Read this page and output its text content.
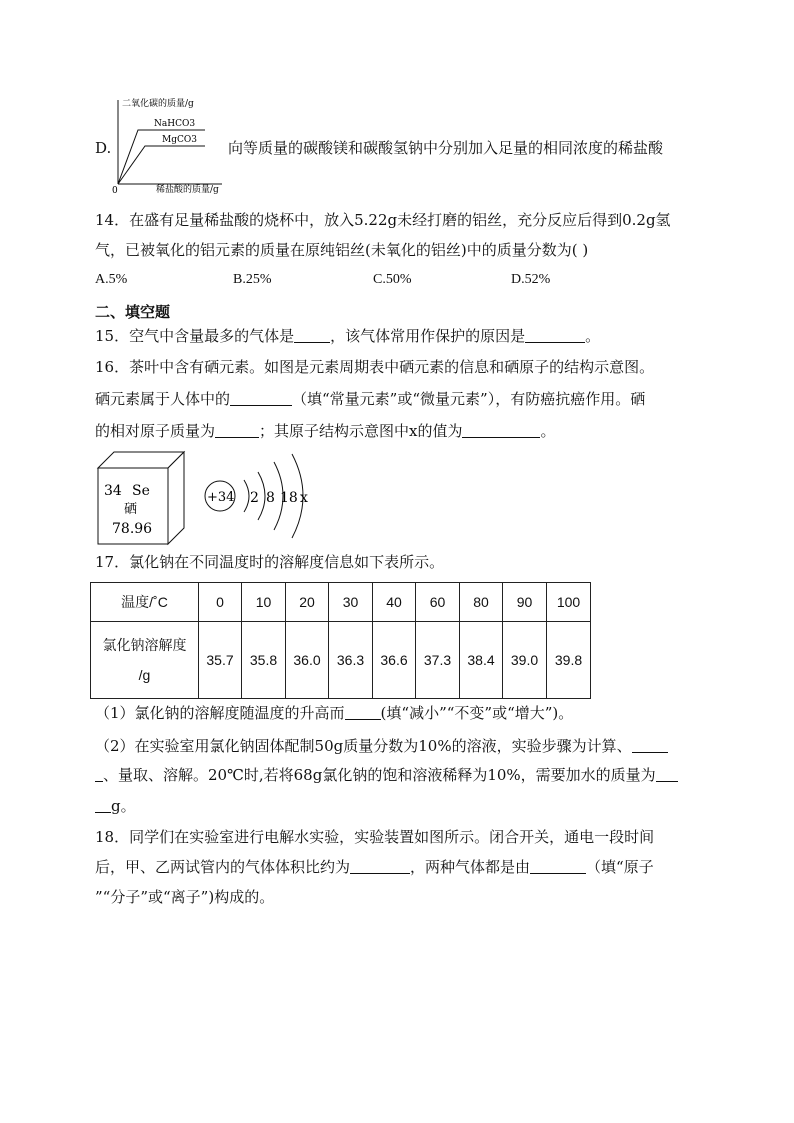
二氧化碳的质量/g
稀盐酸的质量/g
0
NaHCO3
MgCO3
D.	向等质量的碳酸镁和碳酸氢钠中分别加入足量的相同浓度的稀盐酸
14．在盛有足量稀盐酸的烧杯中，放入5.22g未经打磨的铝丝，充分反应后得到0.2g氢
气，已被氧化的铝元素的质量在原纯铝丝(未氧化的铝丝)中的质量分数为( )
A.5%	B.25%	C.50%	D.52%
二、填空题
15．空气中含量最多的气体是 ，该气体常用作保护的原因是	。
16．茶叶中含有硒元素。如图是元素周期表中硒元素的信息和硒原子的结构示意图。
硒元素属于人体中的	（填“常量元素”或“微量元素”），有防癌抗癌作用。硒
的相对原子质量为	；其原子结构示意图中x的值为	。
34 Se
硒
78.96
+34 2 8 18 x
17．氯化钠在不同温度时的溶解度信息如下表所示。
温度/˚C	0	10	20	30	40	60	80	90	100
氯化钠溶解度
/g	35.7	35.8	36.0	36.3	36.6	37.3	38.4	39.0	39.8
（1）氯化钠的溶解度随温度的升高而 (填“减小”“不变”或“增大”)。
（2）在实验室用氯化钠固体配制50g质量分数为10%的溶液，实验步骤为计算、
、量取、溶解。20℃时,若将68g氯化钠的饱和溶液稀释为10%，需要加水的质量为
g。
18．同学们在实验室进行电解水实验，实验装置如图所示。闭合开关，通电一段时间
后，甲、乙两试管内的气体体积比约为	，两种气体都是由	（填“原子
”“分子”或“离子”)构成的。
